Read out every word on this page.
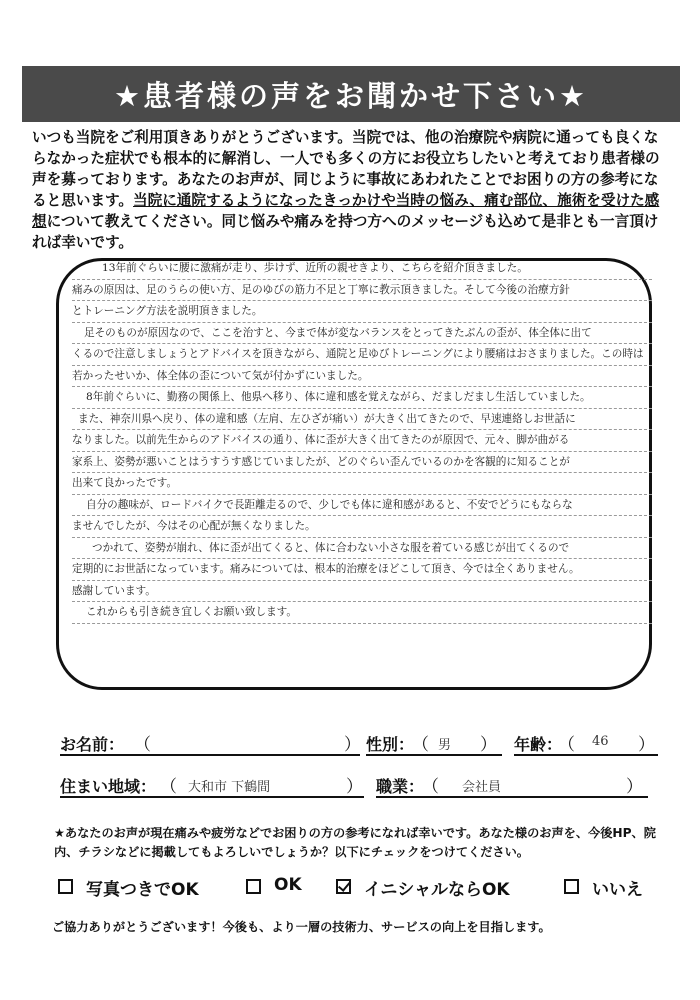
★患者様の声をお聞かせ下さい★

いつも当院をご利用頂きありがとうございます。当院では、他の治療院や病院に通っても良くならなかった症状でも根本的に解消し、一人でも多くの方にお役立ちしたいと考えており患者様の声を募っております。あなたのお声が、同じように事故にあわれたことでお困りの方の参考になると思います。当院に通院するようになったきっかけや当時の悩み、痛む部位、施術を受けた感想について教えてください。同じ悩みや痛みを持つ方へのメッセージも込めて是非とも一言頂ければ幸いです。

13年前ぐらいに腰に激痛が走り、歩けず、近所の親せきより、こちらを紹介頂きました。
痛みの原因は、足のうらの使い方、足のゆびの筋力不足と丁寧に教示頂きました。そして今後の治療方針
とトレーニング方法を説明頂きました。
足そのものが原因なので、ここを治すと、今まで体が変なバランスをとってきたぶんの歪が、体全体に出て
くるので注意しましょうとアドバイスを頂きながら、通院と足ゆびトレーニングにより腰痛はおさまりました。この時は
若かったせいか、体全体の歪について気が付かずにいました。
8年前ぐらいに、勤務の関係上、他県へ移り、体に違和感を覚えながら、だましだまし生活していました。
また、神奈川県へ戻り、体の違和感（左肩、左ひざが痛い）が大きく出てきたので、早速連絡しお世話に
なりました。以前先生からのアドバイスの通り、体に歪が大きく出てきたのが原因で、元々、脚が曲がる
家系上、姿勢が悪いことはうすうす感じていましたが、どのぐらい歪んでいるのかを客観的に知ることが
出来て良かったです。
自分の趣味が、ロードバイクで長距離走るので、少しでも体に違和感があると、不安でどうにもならな
ませんでしたが、今はその心配が無くなりました。
つかれて、姿勢が崩れ、体に歪が出てくると、体に合わない小さな服を着ている感じが出てくるので
定期的にお世話になっています。痛みについては、根本的治療をほどこして頂き、今では全くありません。
感謝しています。
これからも引き続き宜しくお願い致します。
お名前： （	） 性別：
（ 男 ） 年齢：
（ 46 ）
住まい地域： （ 大和市 下鶴間	） 職業：
（ 会社員	）

★あなたのお声が現在痛みや疲労などでお困りの方の参考になれば幸いです。あなた様のお声を、今後HP、院内、チラシなどに掲載してもよろしいでしょうか？以下にチェックをつけてください。

写真つきでOK	OK	イニシャルならOK	いいえ

ご協力ありがとうございます！今後も、より一層の技術力、サービスの向上を目指します。
